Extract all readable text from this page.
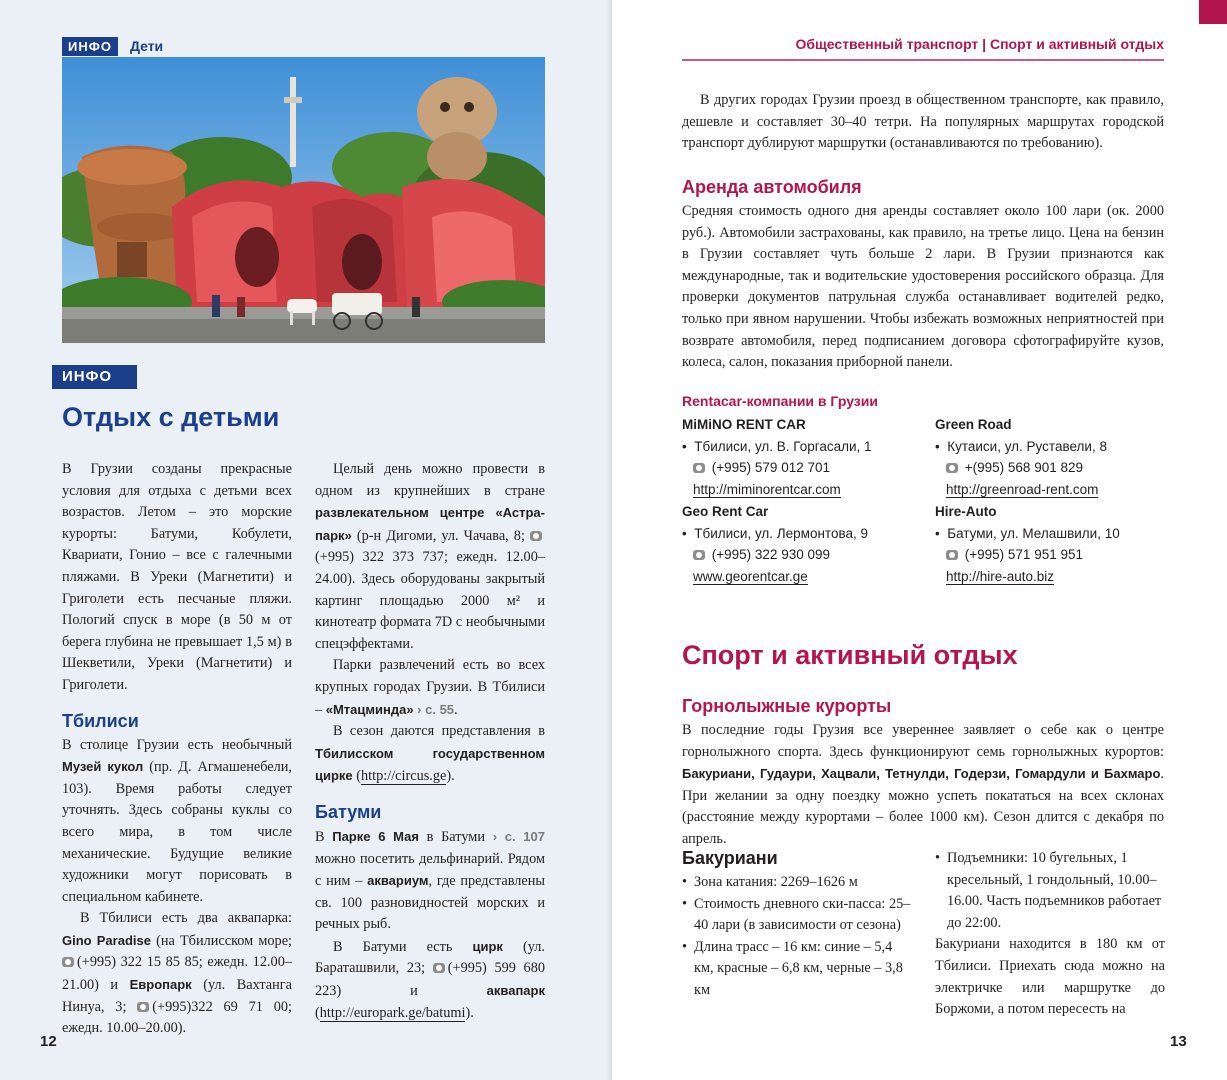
ИНФО	Дети
ИНФО
Отдых с детьми

В Грузии созданы прекрасные условия для отдыха с детьми всех возрастов. Летом – это морские курорты: Батуми, Кобулети, Квариати, Гонио – все с галечными пляжами. В Уреки (Магнетити) и Григолети есть песчаные пляжи. Пологий спуск в море (в 50 м от берега глубина не превышает 1,5 м) в Шекветили, Уреки (Магнетити) и Григолети.

Тбилиси

В столице Грузии есть необычный Музей кукол (пр. Д. Агмашенебели, 103). Время работы следует уточнять. Здесь собраны куклы со всего мира, в том числе механические. Будущие великие художники могут порисовать в специальном кабинете.

В Тбилиси есть два аквапарка: Gino Paradise (на Тбилисском море; (+995) 322 15 85 85; ежедн. 12.00–21.00) и Европарк (ул. Вахтанга Нинуа, 3; (+995)322 69 71 00; ежедн. 10.00–20.00).

Целый день можно провести в одном из крупнейших в стране развлекательном центре «Астра-парк» (р-н Дигоми, ул. Чачава, 8; (+995) 322 373 737; ежедн. 12.00–24.00). Здесь оборудованы закрытый картинг площадью 2000 м² и кинотеатр формата 7D с необычными спецэффектами.

Парки развлечений есть во всех крупных городах Грузии. В Тбилиси – «Мтацминда» › с. 55.

В сезон даются представления в Тбилисском государственном цирке (http://circus.ge).

Батуми

В Парке 6 Мая в Батуми › с. 107 можно посетить дельфинарий. Рядом с ним – аквариум, где представлены св. 100 разновидностей морских и речных рыб.

В Батуми есть цирк (ул. Бараташвили, 23; (+995) 599 680 223) и аквапарк (http://europark.ge/batumi).

12
Общественный транспорт | Спорт и активный отдых

В других городах Грузии проезд в общественном транспорте, как правило, дешевле и составляет 30–40 тетри. На популярных маршрутах городской транспорт дублируют маршрутки (останавливаются по требованию).

Аренда автомобиля

Средняя стоимость одного дня аренды составляет около 100 лари (ок. 2000 руб.). Автомобили застрахованы, как правило, на третье лицо. Цена на бензин в Грузии составляет чуть больше 2 лари. В Грузии признаются как международные, так и водительские удостоверения российского образца. Для проверки документов патрульная служба останавливает водителей редко, только при явном нарушении. Чтобы избежать возможных неприятностей при возврате автомобиля, перед подписанием договора сфотографируйте кузов, колеса, салон, показания приборной панели.

Rentacar-компании в Грузии
MiMiNO RENT CAR
•  Тбилиси, ул. В. Горгасали, 1
(+995) 579 012 701
http://miminorentcar.com
Green Road
•  Кутаиси, ул. Руставели, 8
+(995) 568 901 829
http://greenroad-rent.com
Geo Rent Car
•  Тбилиси, ул. Лермонтова, 9
(+995) 322 930 099
www.georentcar.ge
Hire-Auto
•  Батуми, ул. Мелашвили, 10
(+995) 571 951 951
http://hire-auto.biz
Спорт и активный отдых
Горнолыжные курорты

В последние годы Грузия все увереннее заявляет о себе как о центре горнолыжного спорта. Здесь функционируют семь горнолыжных курортов: Бакуриани, Гудаури, Хацвали, Тетнулди, Годерзи, Гомардули и Бахмаро. При желании за одну поездку можно успеть покататься на всех склонах (расстояние между курортами – более 1000 км). Сезон длится с декабря по апрель.

Бакуриани
• Зона катания: 2269–1626 м
• Стоимость дневного ски-пасса: 25–40 лари (в зависимости от сезона)
• Длина трасс – 16 км: синие – 5,4 км, красные – 6,8 км, черные – 3,8 км
• Подъемники: 10 бугельных, 1 кресельный, 1 гондольный, 10.00–16.00. Часть подъемников работает до 22:00.

Бакуриани находится в 180 км от Тбилиси. Приехать сюда можно на электричке или маршрутке до Боржоми, а потом пересесть на

13
